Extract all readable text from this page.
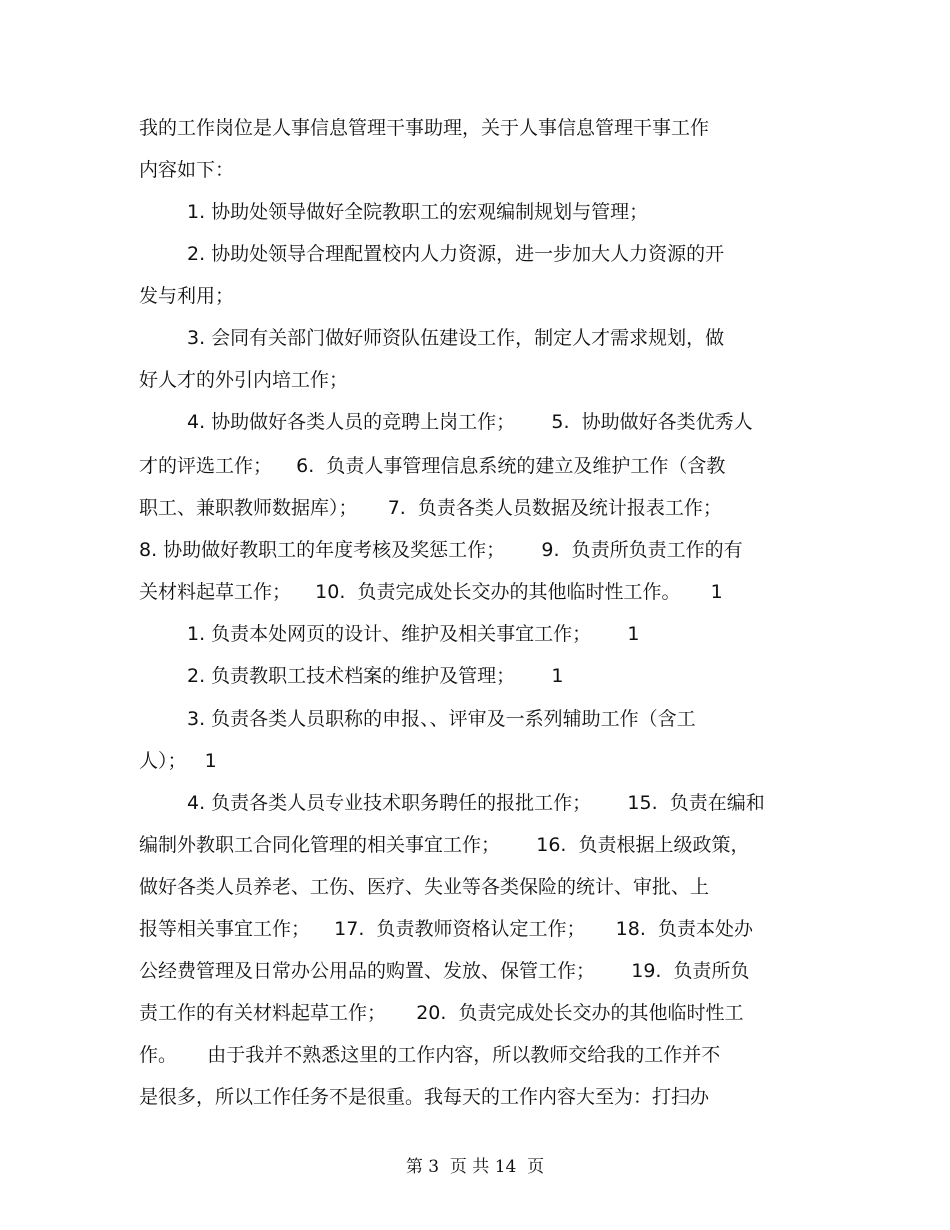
我的工作岗位是人事信息管理干事助理，关于人事信息管理干事工作
内容如下：
1. 协助处领导做好全院教职工的宏观编制规划与管理；
2. 协助处领导合理配置校内人力资源，进一步加大人力资源的开
发与利用；
3. 会同有关部门做好师资队伍建设工作，制定人才需求规划，做
好人才的外引内培工作；
4. 协助做好各类人员的竞聘上岗工作；      5.  协助做好各类优秀人
才的评选工作；    6.  负责人事管理信息系统的建立及维护工作（含教
职工、兼职教师数据库）；     7.  负责各类人员数据及统计报表工作；
8. 协助做好教职工的年度考核及奖惩工作；      9.  负责所负责工作的有
关材料起草工作；    10.  负责完成处长交办的其他临时性工作。     1
1. 负责本处网页的设计、维护及相关事宜工作；      1
2. 负责教职工技术档案的维护及管理；      1
3. 负责各类人员职称的申报、、评审及一系列辅助工作（含工
人）；   1
4. 负责各类人员专业技术职务聘任的报批工作；      15.  负责在编和
编制外教职工合同化管理的相关事宜工作；      16.  负责根据上级政策，
做好各类人员养老、工伤、医疗、失业等各类保险的统计、审批、上
报等相关事宜工作；    17.  负责教师资格认定工作；     18.  负责本处办
公经费管理及日常办公用品的购置、发放、保管工作；      19.  负责所负
责工作的有关材料起草工作；     20.  负责完成处长交办的其他临时性工
作。     由于我并不熟悉这里的工作内容，所以教师交给我的工作并不
是很多，所以工作任务不是很重。我每天的工作内容大至为：打扫办
第 3  页 共 14  页
